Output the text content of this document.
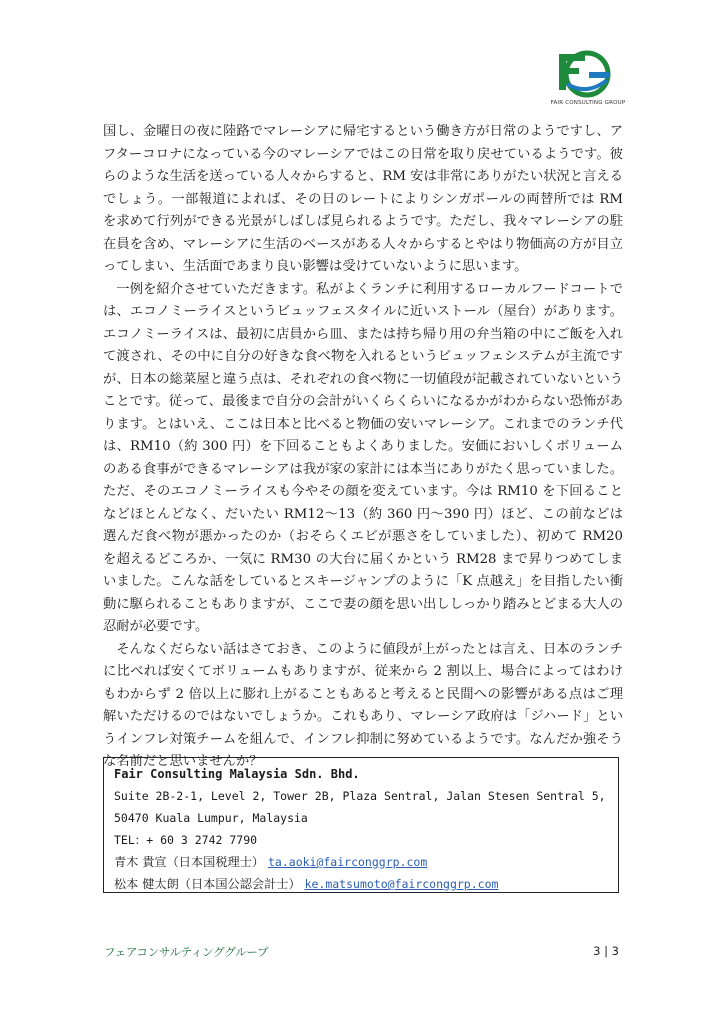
FAIR CONSULTING GROUP

国し、金曜日の夜に陸路でマレーシアに帰宅するという働き方が日常のようですし、アフターコロナになっている今のマレーシアではこの日常を取り戻せているようです。彼らのような生活を送っている人々からすると、RM 安は非常にありがたい状況と言えるでしょう。一部報道によれば、その日のレートによりシンガポールの両替所では RM を求めて行列ができる光景がしばしば見られるようです。ただし、我々マレーシアの駐在員を含め、マレーシアに生活のベースがある人々からするとやはり物価高の方が目立ってしまい、生活面であまり良い影響は受けていないように思います。

一例を紹介させていただきます。私がよくランチに利用するローカルフードコートでは、エコノミーライスというビュッフェスタイルに近いストール（屋台）があります。エコノミーライスは、最初に店員から皿、または持ち帰り用の弁当箱の中にご飯を入れて渡され、その中に自分の好きな食べ物を入れるというビュッフェシステムが主流ですが、日本の総菜屋と違う点は、それぞれの食べ物に一切値段が記載されていないということです。従って、最後まで自分の会計がいくらくらいになるかがわからない恐怖があります。とはいえ、ここは日本と比べると物価の安いマレーシア。これまでのランチ代は、RM10（約 300 円）を下回ることもよくありました。安価においしくボリュームのある食事ができるマレーシアは我が家の家計には本当にありがたく思っていました。ただ、そのエコノミーライスも今やその顔を変えています。今は RM10 を下回ることなどほとんどなく、だいたい RM12～13（約 360 円～390 円）ほど、この前などは選んだ食べ物が悪かったのか（おそらくエビが悪さをしていました）、初めて RM20 を超えるどころか、一気に RM30 の大台に届くかという RM28 まで昇りつめてしまいました。こんな話をしているとスキージャンプのように「K 点越え」を目指したい衝動に駆られることもありますが、ここで妻の顔を思い出ししっかり踏みとどまる大人の忍耐が必要です。

そんなくだらない話はさておき、このように値段が上がったとは言え、日本のランチに比べれば安くてボリュームもありますが、従来から 2 割以上、場合によってはわけもわからず 2 倍以上に膨れ上がることもあると考えると民間への影響がある点はご理解いただけるのではないでしょうか。これもあり、マレーシア政府は「ジハード」というインフレ対策チームを組んで、インフレ抑制に努めているようです。なんだか強そうな名前だと思いませんか？

Fair Consulting Malaysia Sdn. Bhd.
Suite 2B-2-1, Level 2, Tower 2B, Plaza Sentral, Jalan Stesen Sentral 5,
50470 Kuala Lumpur, Malaysia
TEL：+ 60 3 2742 7790
青木 貴宣（日本国税理士） ta.aoki@fairconggrp.com
松本 健太朗（日本国公認会計士） ke.matsumoto@fairconggrp.com
フェアコンサルティンググループ	3 | 3
